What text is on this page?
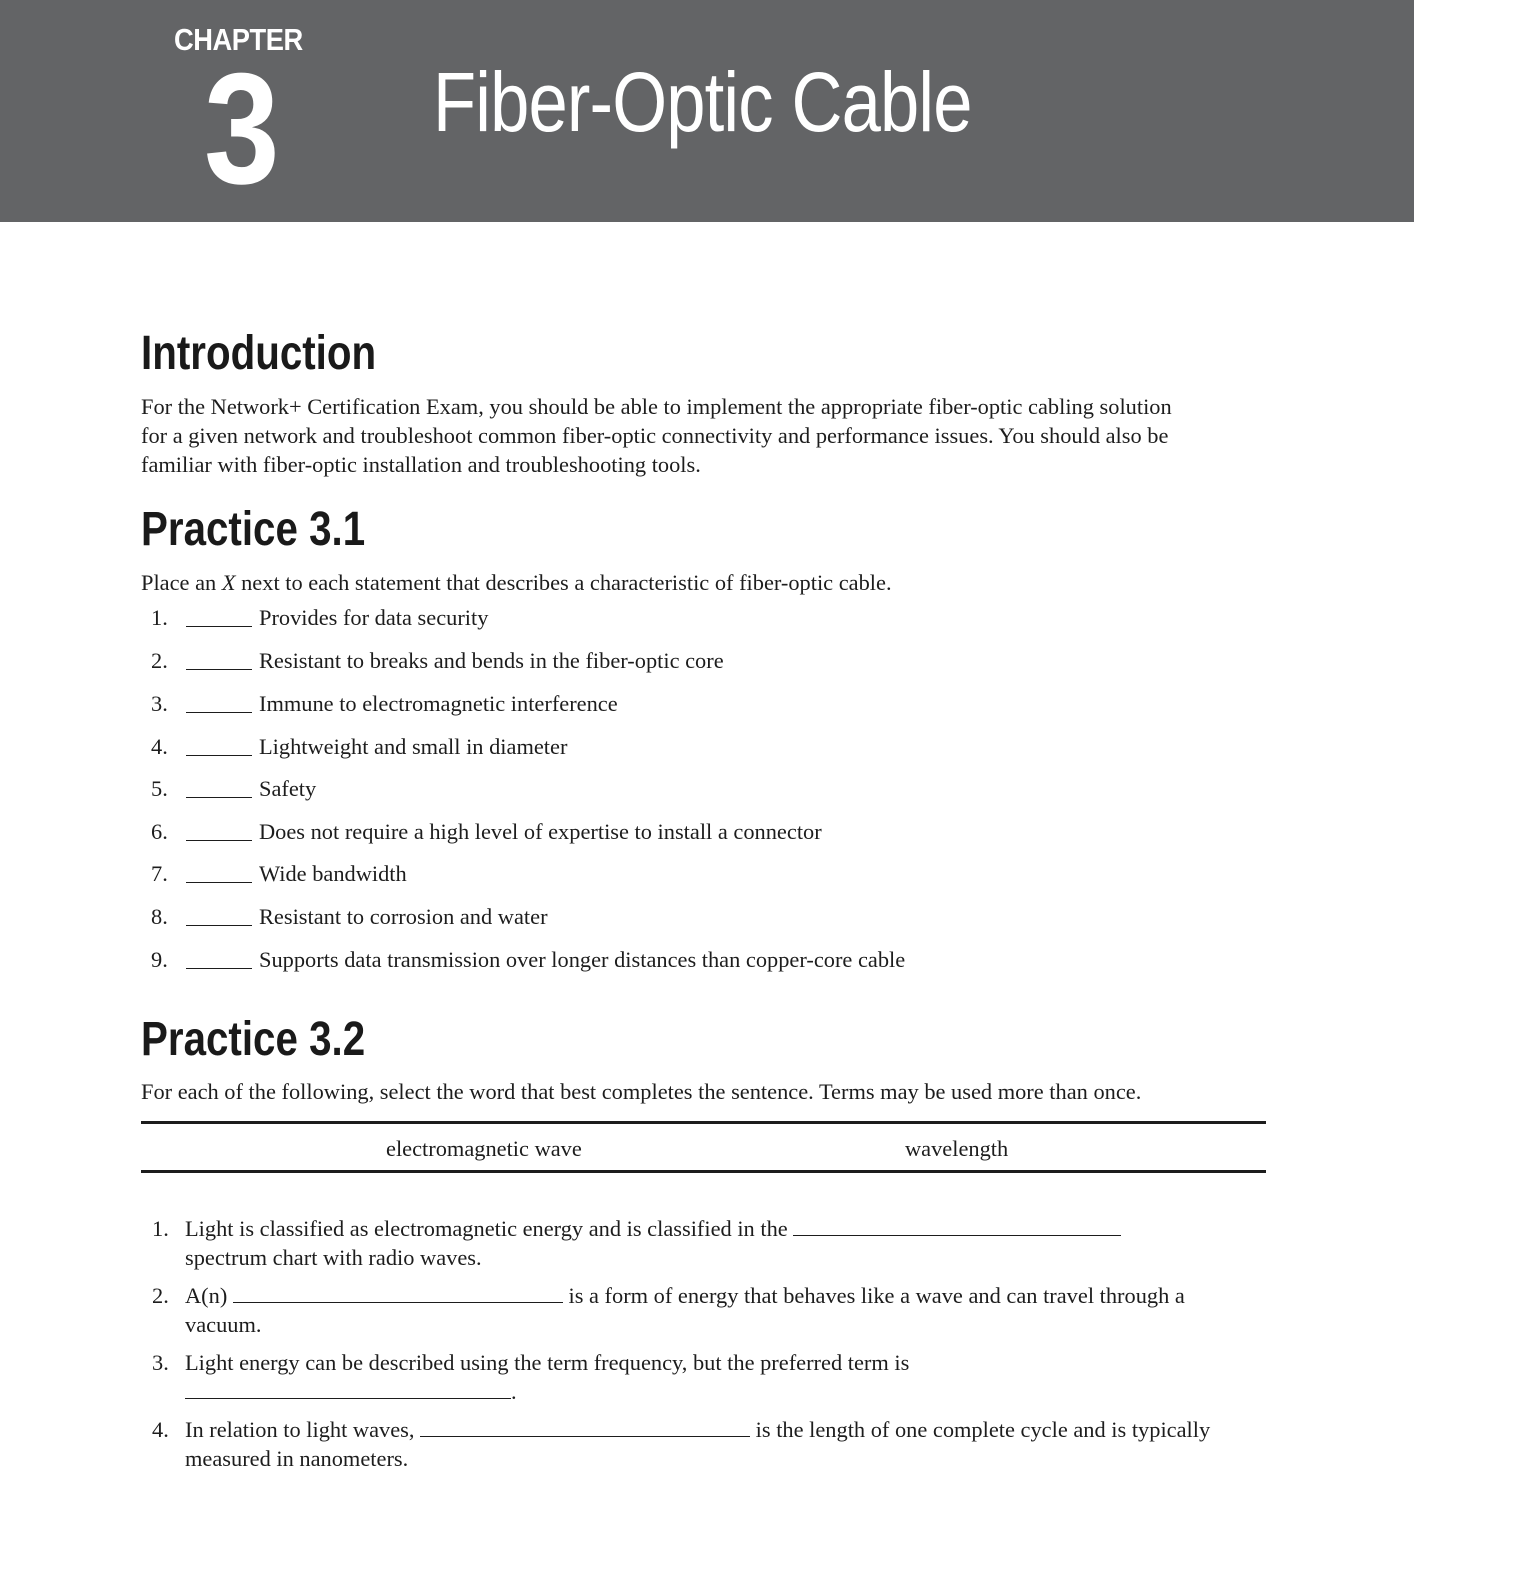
CHAPTER
3 Fiber-Optic Cable
Introduction
For the Network+ Certification Exam, you should be able to implement the appropriate fiber-optic cabling solution
for a given network and troubleshoot common fiber-optic connectivity and performance issues. You should also be
familiar with fiber-optic installation and troubleshooting tools.
Practice 3.1
Place an X next to each statement that describes a characteristic of fiber-optic cable.
1.	Provides for data security
2.	Resistant to breaks and bends in the fiber-optic core
3.	Immune to electromagnetic interference
4.	Lightweight and small in diameter
5.	Safety
6.	Does not require a high level of expertise to install a connector
7.	Wide bandwidth
8.	Resistant to corrosion and water
9.	Supports data transmission over longer distances than copper-core cable
Practice 3.2
For each of the following, select the word that best completes the sentence. Terms may be used more than once.
electromagnetic wave	wavelength
1. Light is classified as electromagnetic energy and is classified in the
spectrum chart with radio waves.
2. A(n)	is a form of energy that behaves like a wave and can travel through a
vacuum.
3. Light energy can be described using the term frequency, but the preferred term is
.
4. In relation to light waves,	is the length of one complete cycle and is typically
measured in nanometers.
